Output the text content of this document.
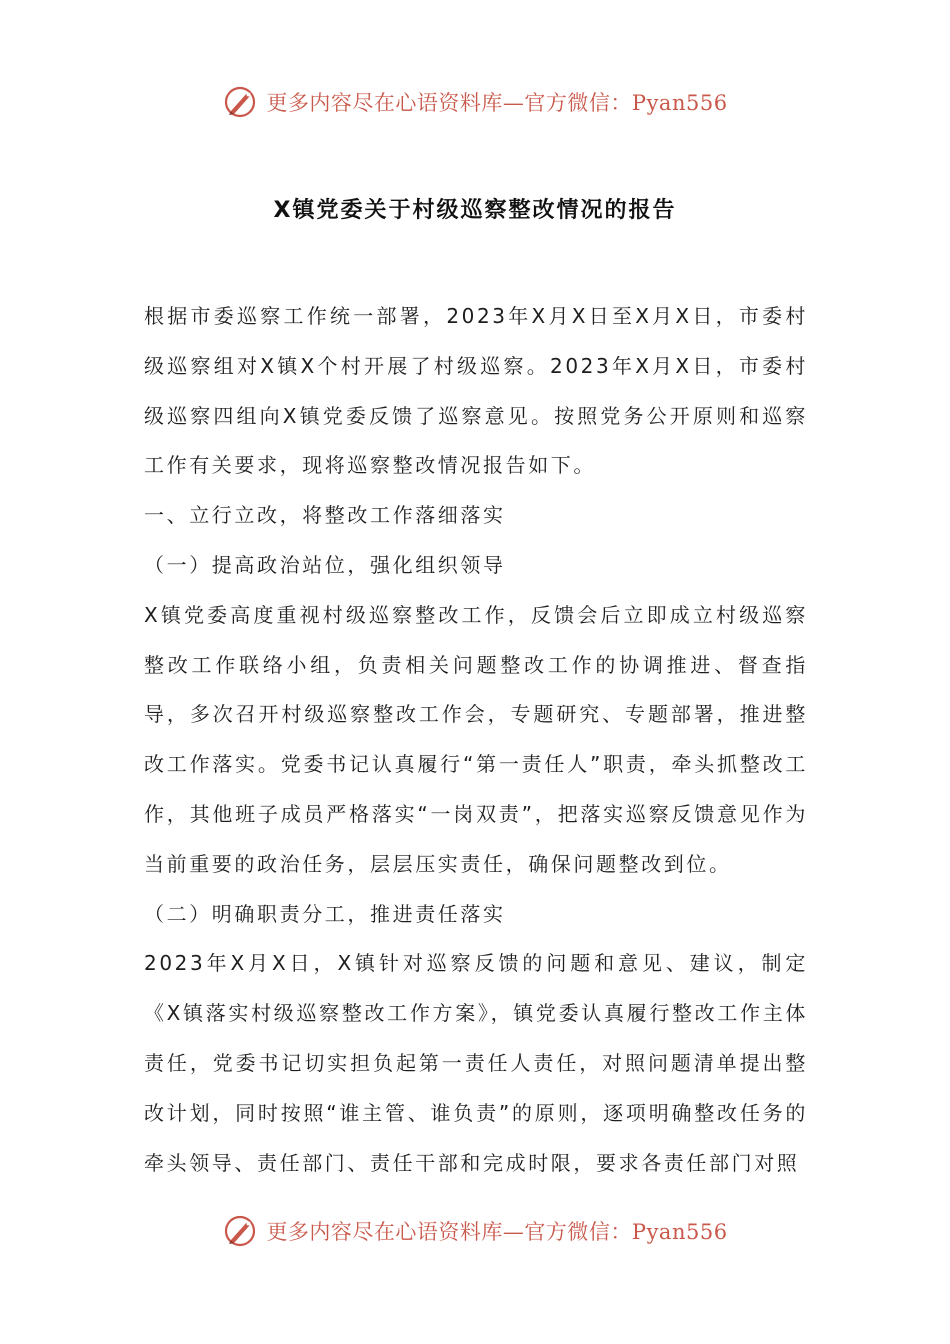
更多内容尽在心语资料库—官方微信：Pyan556
X镇党委关于村级巡察整改情况的报告

根据市委巡察工作统一部署，2023年X月X日至X月X日，市委村级巡察组对X镇X个村开展了村级巡察。2023年X月X日，市委村级巡察四组向X镇党委反馈了巡察意见。按照党务公开原则和巡察工作有关要求，现将巡察整改情况报告如下。

一、立行立改，将整改工作落细落实

（一）提高政治站位，强化组织领导

X镇党委高度重视村级巡察整改工作，反馈会后立即成立村级巡察整改工作联络小组，负责相关问题整改工作的协调推进、督查指导，多次召开村级巡察整改工作会，专题研究、专题部署，推进整改工作落实。党委书记认真履行“第一责任人”职责，牵头抓整改工作，其他班子成员严格落实“一岗双责”，把落实巡察反馈意见作为当前重要的政治任务，层层压实责任，确保问题整改到位。

（二）明确职责分工，推进责任落实

2023年X月X日，X镇针对巡察反馈的问题和意见、建议，制定《X镇落实村级巡察整改工作方案》，镇党委认真履行整改工作主体责任，党委书记切实担负起第一责任人责任，对照问题清单提出整改计划，同时按照“谁主管、谁负责”的原则，逐项明确整改任务的牵头领导、责任部门、责任干部和完成时限，要求各责任部门对照

更多内容尽在心语资料库—官方微信：Pyan556
